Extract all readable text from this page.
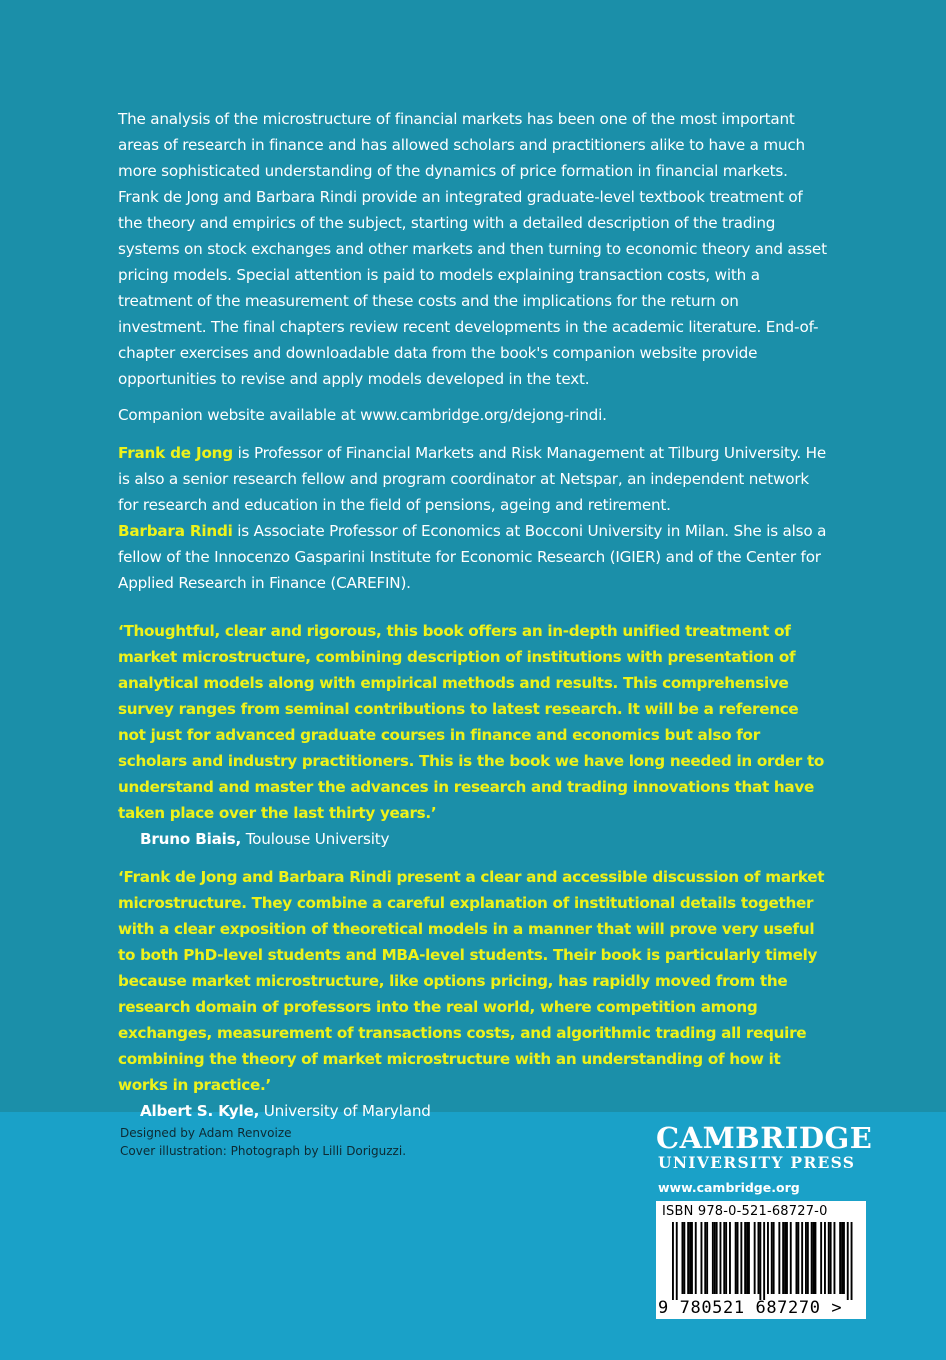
The analysis of the microstructure of financial markets has been one of the most important areas of research in finance and has allowed scholars and practitioners alike to have a much more sophisticated understanding of the dynamics of price formation in financial markets. Frank de Jong and Barbara Rindi provide an integrated graduate-level textbook treatment of the theory and empirics of the subject, starting with a detailed description of the trading systems on stock exchanges and other markets and then turning to economic theory and asset pricing models. Special attention is paid to models explaining transaction costs, with a treatment of the measurement of these costs and the implications for the return on investment. The final chapters review recent developments in the academic literature. End-of-chapter exercises and downloadable data from the book's companion website provide opportunities to revise and apply models developed in the text.

Companion website available at www.cambridge.org/dejong-rindi.

Frank de Jong is Professor of Financial Markets and Risk Management at Tilburg University. He is also a senior research fellow and program coordinator at Netspar, an independent network for research and education in the field of pensions, ageing and retirement.

Barbara Rindi is Associate Professor of Economics at Bocconi University in Milan. She is also a fellow of the Innocenzo Gasparini Institute for Economic Research (IGIER) and of the Center for Applied Research in Finance (CAREFIN).

‘Thoughtful, clear and rigorous, this book offers an in-depth unified treatment of market microstructure, combining description of institutions with presentation of analytical models along with empirical methods and results. This comprehensive survey ranges from seminal contributions to latest research. It will be a reference not just for advanced graduate courses in finance and economics but also for scholars and industry practitioners. This is the book we have long needed in order to understand and master the advances in research and trading innovations that have taken place over the last thirty years.’

Bruno Biais, Toulouse University

‘Frank de Jong and Barbara Rindi present a clear and accessible discussion of market microstructure. They combine a careful explanation of institutional details together with a clear exposition of theoretical models in a manner that will prove very useful to both PhD-level students and MBA-level students. Their book is particularly timely because market microstructure, like options pricing, has rapidly moved from the research domain of professors into the real world, where competition among exchanges, measurement of transactions costs, and algorithmic trading all require combining the theory of market microstructure with an understanding of how it works in practice.’

Albert S. Kyle, University of Maryland

Designed by Adam Renvoize
Cover illustration: Photograph by Lilli Doriguzzi.	CAMBRIDGE
UNIVERSITY PRESS
www.cambridge.org
ISBN 978-0-521-68727-0
9 780521 687270 >
